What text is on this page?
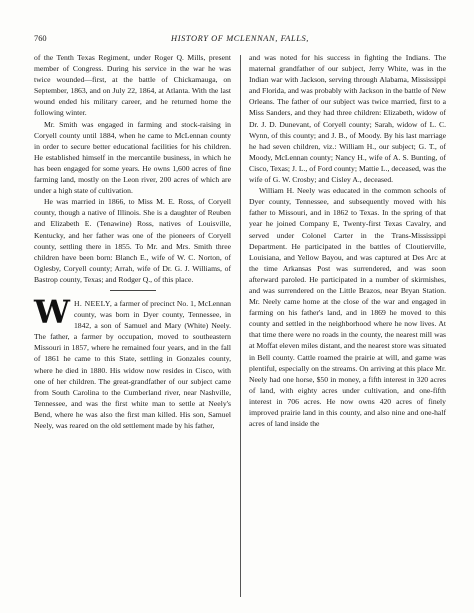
760	HISTORY OF MCLENNAN, FALLS,

of the Tenth Texas Regiment, under Roger Q. Mills, present member of Congress. During his service in the war he was twice wounded—first, at the battle of Chickamauga, on September, 1863, and on July 22, 1864, at Atlanta. With the last wound ended his military career, and he returned home the following winter.

Mr. Smith was engaged in farming and stock-raising in Coryell county until 1884, when he came to McLennan county in order to secure better educational facilities for his children. He established himself in the mercantile business, in which he has been engaged for some years. He owns 1,600 acres of fine farming land, mostly on the Leon river, 200 acres of which are under a high state of cultivation.

He was married in 1866, to Miss M. E. Ross, of Coryell county, though a native of Illinois. She is a daughter of Reuben and Elizabeth E. (Tenawine) Ross, natives of Louisville, Kentucky, and her father was one of the pioneers of Coryell county, settling there in 1855. To Mr. and Mrs. Smith three children have been born: Blanch E., wife of W. C. Norton, of Oglesby, Coryell county; Arrah, wife of Dr. G. J. Williams, of Bastrop county, Texas; and Rodger Q., of this place.

W H. NEELY, a farmer of precinct No. 1, McLennan county, was born in Dyer county, Tennessee, in 1842, a son of Samuel and Mary (White) Neely. The father, a farmer by occupation, moved to southeastern Missouri in 1857, where he remained four years, and in the fall of 1861 he came to this State, settling in Gonzales county, where he died in 1880. His widow now resides in Cisco, with one of her children. The great-grandfather of our subject came from South Carolina to the Cumberland river, near Nashville, Tennessee, and was the first white man to settle at Neely's Bend, where he was also the first man killed. His son, Samuel Neely, was reared on the old settlement made by his father,

and was noted for his success in fighting the Indians. The maternal grandfather of our subject, Jerry White, was in the Indian war with Jackson, serving through Alabama, Mississippi and Florida, and was probably with Jackson in the battle of New Orleans. The father of our subject was twice married, first to a Miss Sanders, and they had three children: Elizabeth, widow of Dr. J. D. Dunevant, of Coryell county; Sarah, widow of L. C. Wynn, of this county; and J. B., of Moody. By his last marriage he had seven children, viz.: William H., our subject; G. T., of Moody, McLennan county; Nancy H., wife of A. S. Bunting, of Cisco, Texas; J. L., of Ford county; Mattie L., deceased, was the wife of G. W. Crosby; and Cisley A., deceased.

William H. Neely was educated in the common schools of Dyer county, Tennessee, and subsequently moved with his father to Missouri, and in 1862 to Texas. In the spring of that year he joined Company E, Twenty-first Texas Cavalry, and served under Colonel Carter in the Trans-Mississippi Department. He participated in the battles of Cloutierville, Louisiana, and Yellow Bayou, and was captured at Des Arc at the time Arkansas Post was surrendered, and was soon afterward paroled. He participated in a number of skirmishes, and was surrendered on the Little Brazos, near Bryan Station. Mr. Neely came home at the close of the war and engaged in farming on his father's land, and in 1869 he moved to this county and settled in the neighborhood where he now lives. At that time there were no roads in the county, the nearest mill was at Moffat eleven miles distant, and the nearest store was situated in Bell county. Cattle roamed the prairie at will, and game was plentiful, especially on the streams. On arriving at this place Mr. Neely had one horse, $50 in money, a fifth interest in 320 acres of land, with eighty acres under cultivation, and one-fifth interest in 706 acres. He now owns 420 acres of finely improved prairie land in this county, and also nine and one-half acres of land inside the
